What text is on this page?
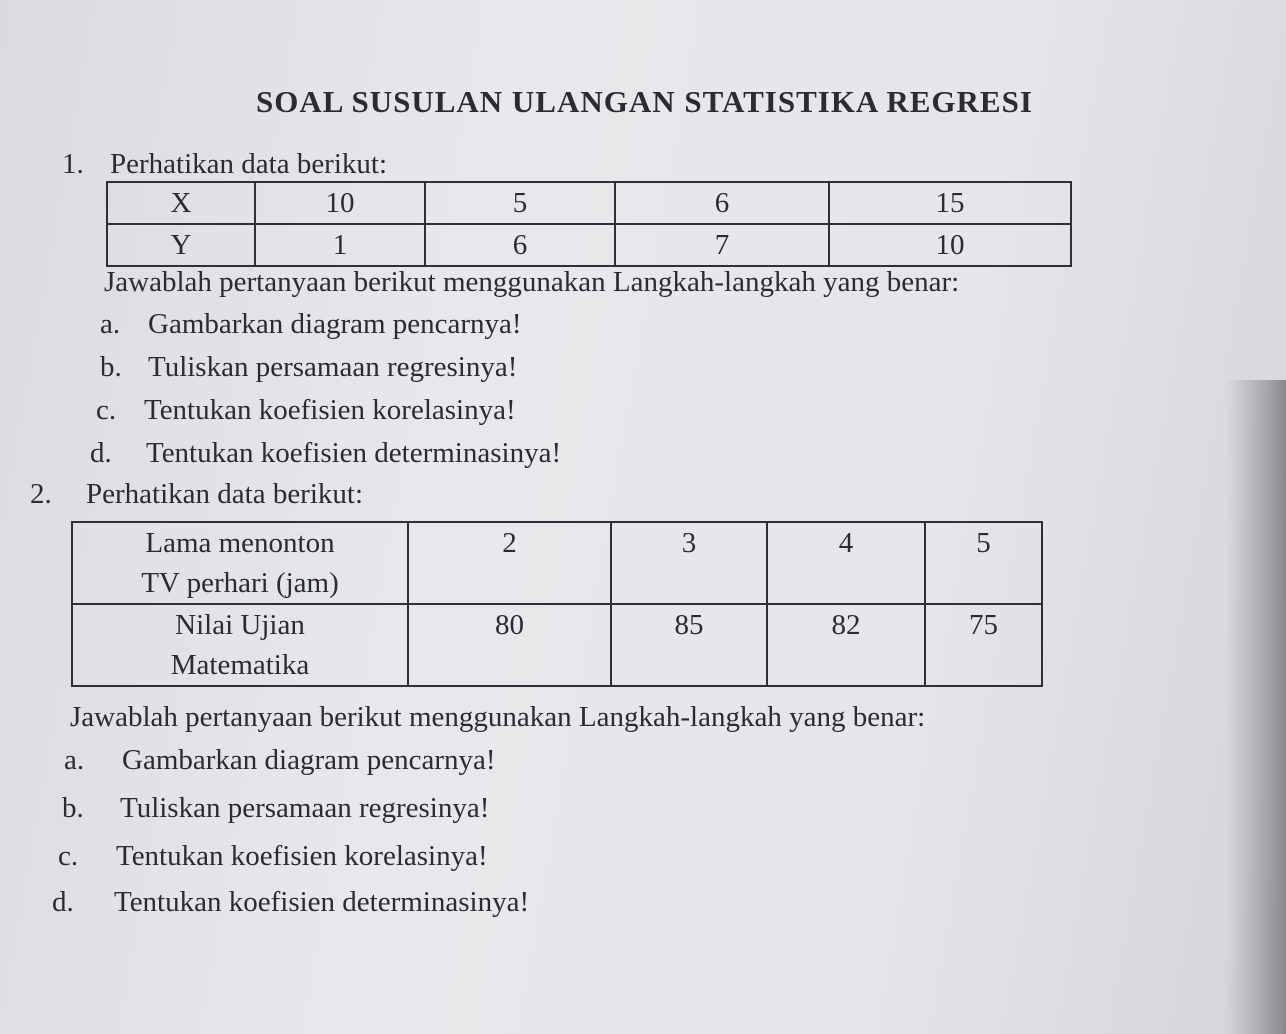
SOAL SUSULAN ULANGAN STATISTIKA REGRESI
1. Perhatikan data berikut:
X	10	5	6	15
Y	1	6	7	10
Jawablah pertanyaan berikut menggunakan Langkah-langkah yang benar:
a. Gambarkan diagram pencarnya!
b. Tuliskan persamaan regresinya!
c. Tentukan koefisien korelasinya!
d. Tentukan koefisien determinasinya!
2. Perhatikan data berikut:
Lama menonton
TV perhari (jam)	2	3	4	5

Nilai Ujian
Matematika	80	85	82	75
Jawablah pertanyaan berikut menggunakan Langkah-langkah yang benar:
a. Gambarkan diagram pencarnya!
b. Tuliskan persamaan regresinya!
c. Tentukan koefisien korelasinya!
d. Tentukan koefisien determinasinya!
